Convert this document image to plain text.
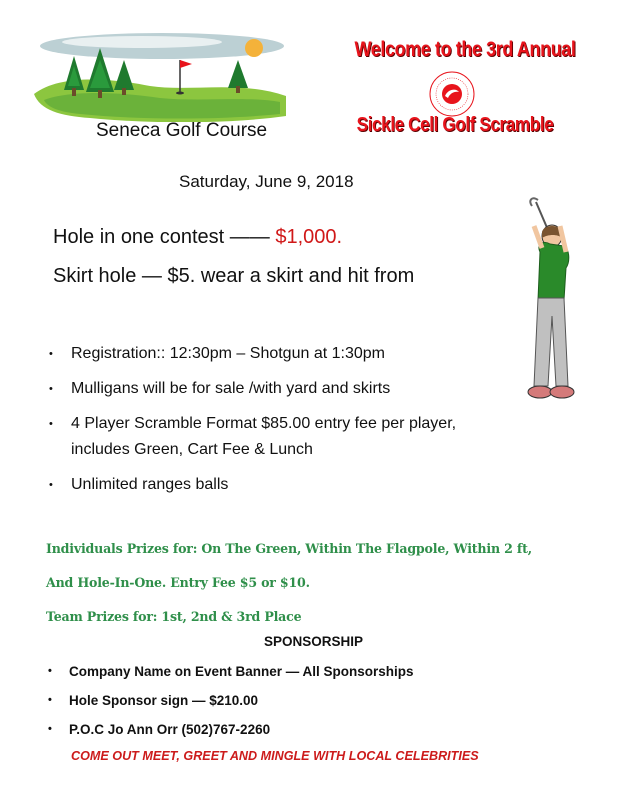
Seneca Golf Course
Welcome to the 3rd Annual
Sickle Cell Golf Scramble
Saturday, June 9, 2018
Hole in one contest —— $1,000.
Skirt hole — $5. wear a skirt and hit from
• Registration:: 12:30pm – Shotgun at 1:30pm
• Mulligans will be for sale /with yard and skirts
• 4 Player Scramble Format $85.00 entry fee per player, includes Green, Cart Fee & Lunch
• Unlimited ranges balls
Individuals Prizes for: On The Green, Within The Flagpole, Within 2 ft,
And Hole-In-One. Entry Fee $5 or $10.
Team Prizes for: 1st, 2nd & 3rd Place
SPONSORSHIP
• Company Name on Event Banner — All Sponsorships
• Hole Sponsor sign — $210.00
• P.O.C Jo Ann Orr (502)767-2260
COME OUT MEET, GREET AND MINGLE WITH LOCAL CELEBRITIES
